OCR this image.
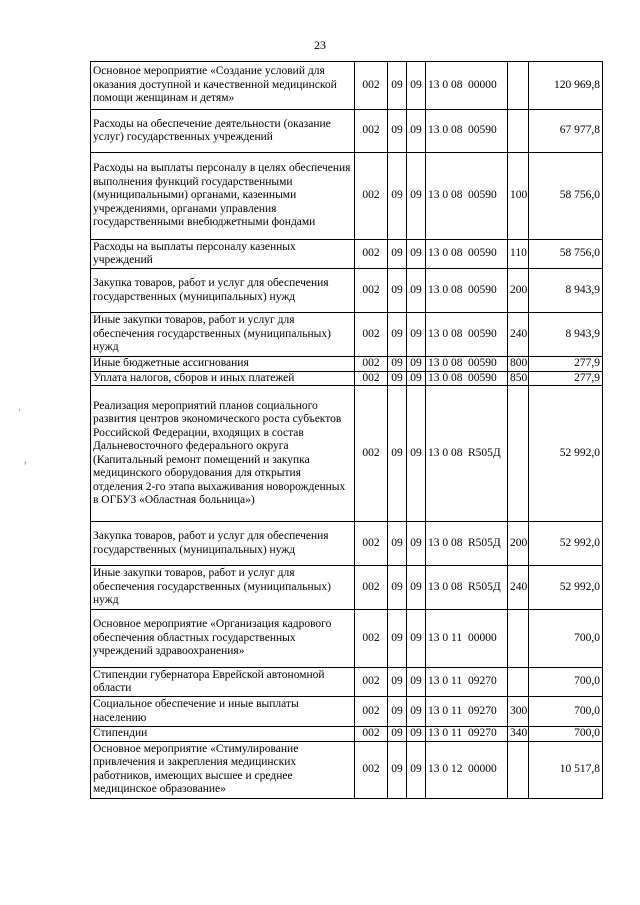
23
Основное мероприятие «Создание условий для оказания доступной и качественной медицинской помощи женщинам и детям»	002	09	09	13 0 08 00000		120 969,8
Расходы на обеспечение деятельности (оказание услуг) государственных учреждений	002	09	09	13 0 08 00590		67 977,8
Расходы на выплаты персоналу в целях обеспечения выполнения функций государственными (муниципальными) органами, казенными учреждениями, органами управления государственными внебюджетными фондами	002	09	09	13 0 08 00590	100	58 756,0
Расходы на выплаты персоналу казенных учреждений	002	09	09	13 0 08 00590	110	58 756,0
Закупка товаров, работ и услуг для обеспечения государственных (муниципальных) нужд	002	09	09	13 0 08 00590	200	8 943,9
Иные закупки товаров, работ и услуг для обеспечения государственных (муниципальных) нужд	002	09	09	13 0 08 00590	240	8 943,9
Иные бюджетные ассигнования	002	09	09	13 0 08 00590	800	277,9
Уплата налогов, сборов и иных платежей	002	09	09	13 0 08 00590	850	277,9
Реализация мероприятий планов социального развития центров экономического роста субъектов Российской Федерации, входящих в состав Дальневосточного федерального округа (Капитальный ремонт помещений и закупка медицинского оборудования для открытия отделения 2-го этапа выхаживания новорожденных в ОГБУЗ «Областная больница»)	002	09	09	13 0 08 R505Д		52 992,0
Закупка товаров, работ и услуг для обеспечения государственных (муниципальных) нужд	002	09	09	13 0 08 R505Д	200	52 992,0
Иные закупки товаров, работ и услуг для обеспечения государственных (муниципальных) нужд	002	09	09	13 0 08 R505Д	240	52 992,0
Основное мероприятие «Организация кадрового обеспечения областных государственных учреждений здравоохранения»	002	09	09	13 0 11 00000		700,0
Стипендии губернатора Еврейской автономной области	002	09	09	13 0 11 09270		700,0
Социальное обеспечение и иные выплаты населению	002	09	09	13 0 11 09270	300	700,0
Стипендии	002	09	09	13 0 11 09270	340	700,0
Основное мероприятие «Стимулирование привлечения и закрепления медицинских работников, имеющих высшее и среднее медицинское образование»	002	09	09	13 0 12 00000		10 517,8
·
,
